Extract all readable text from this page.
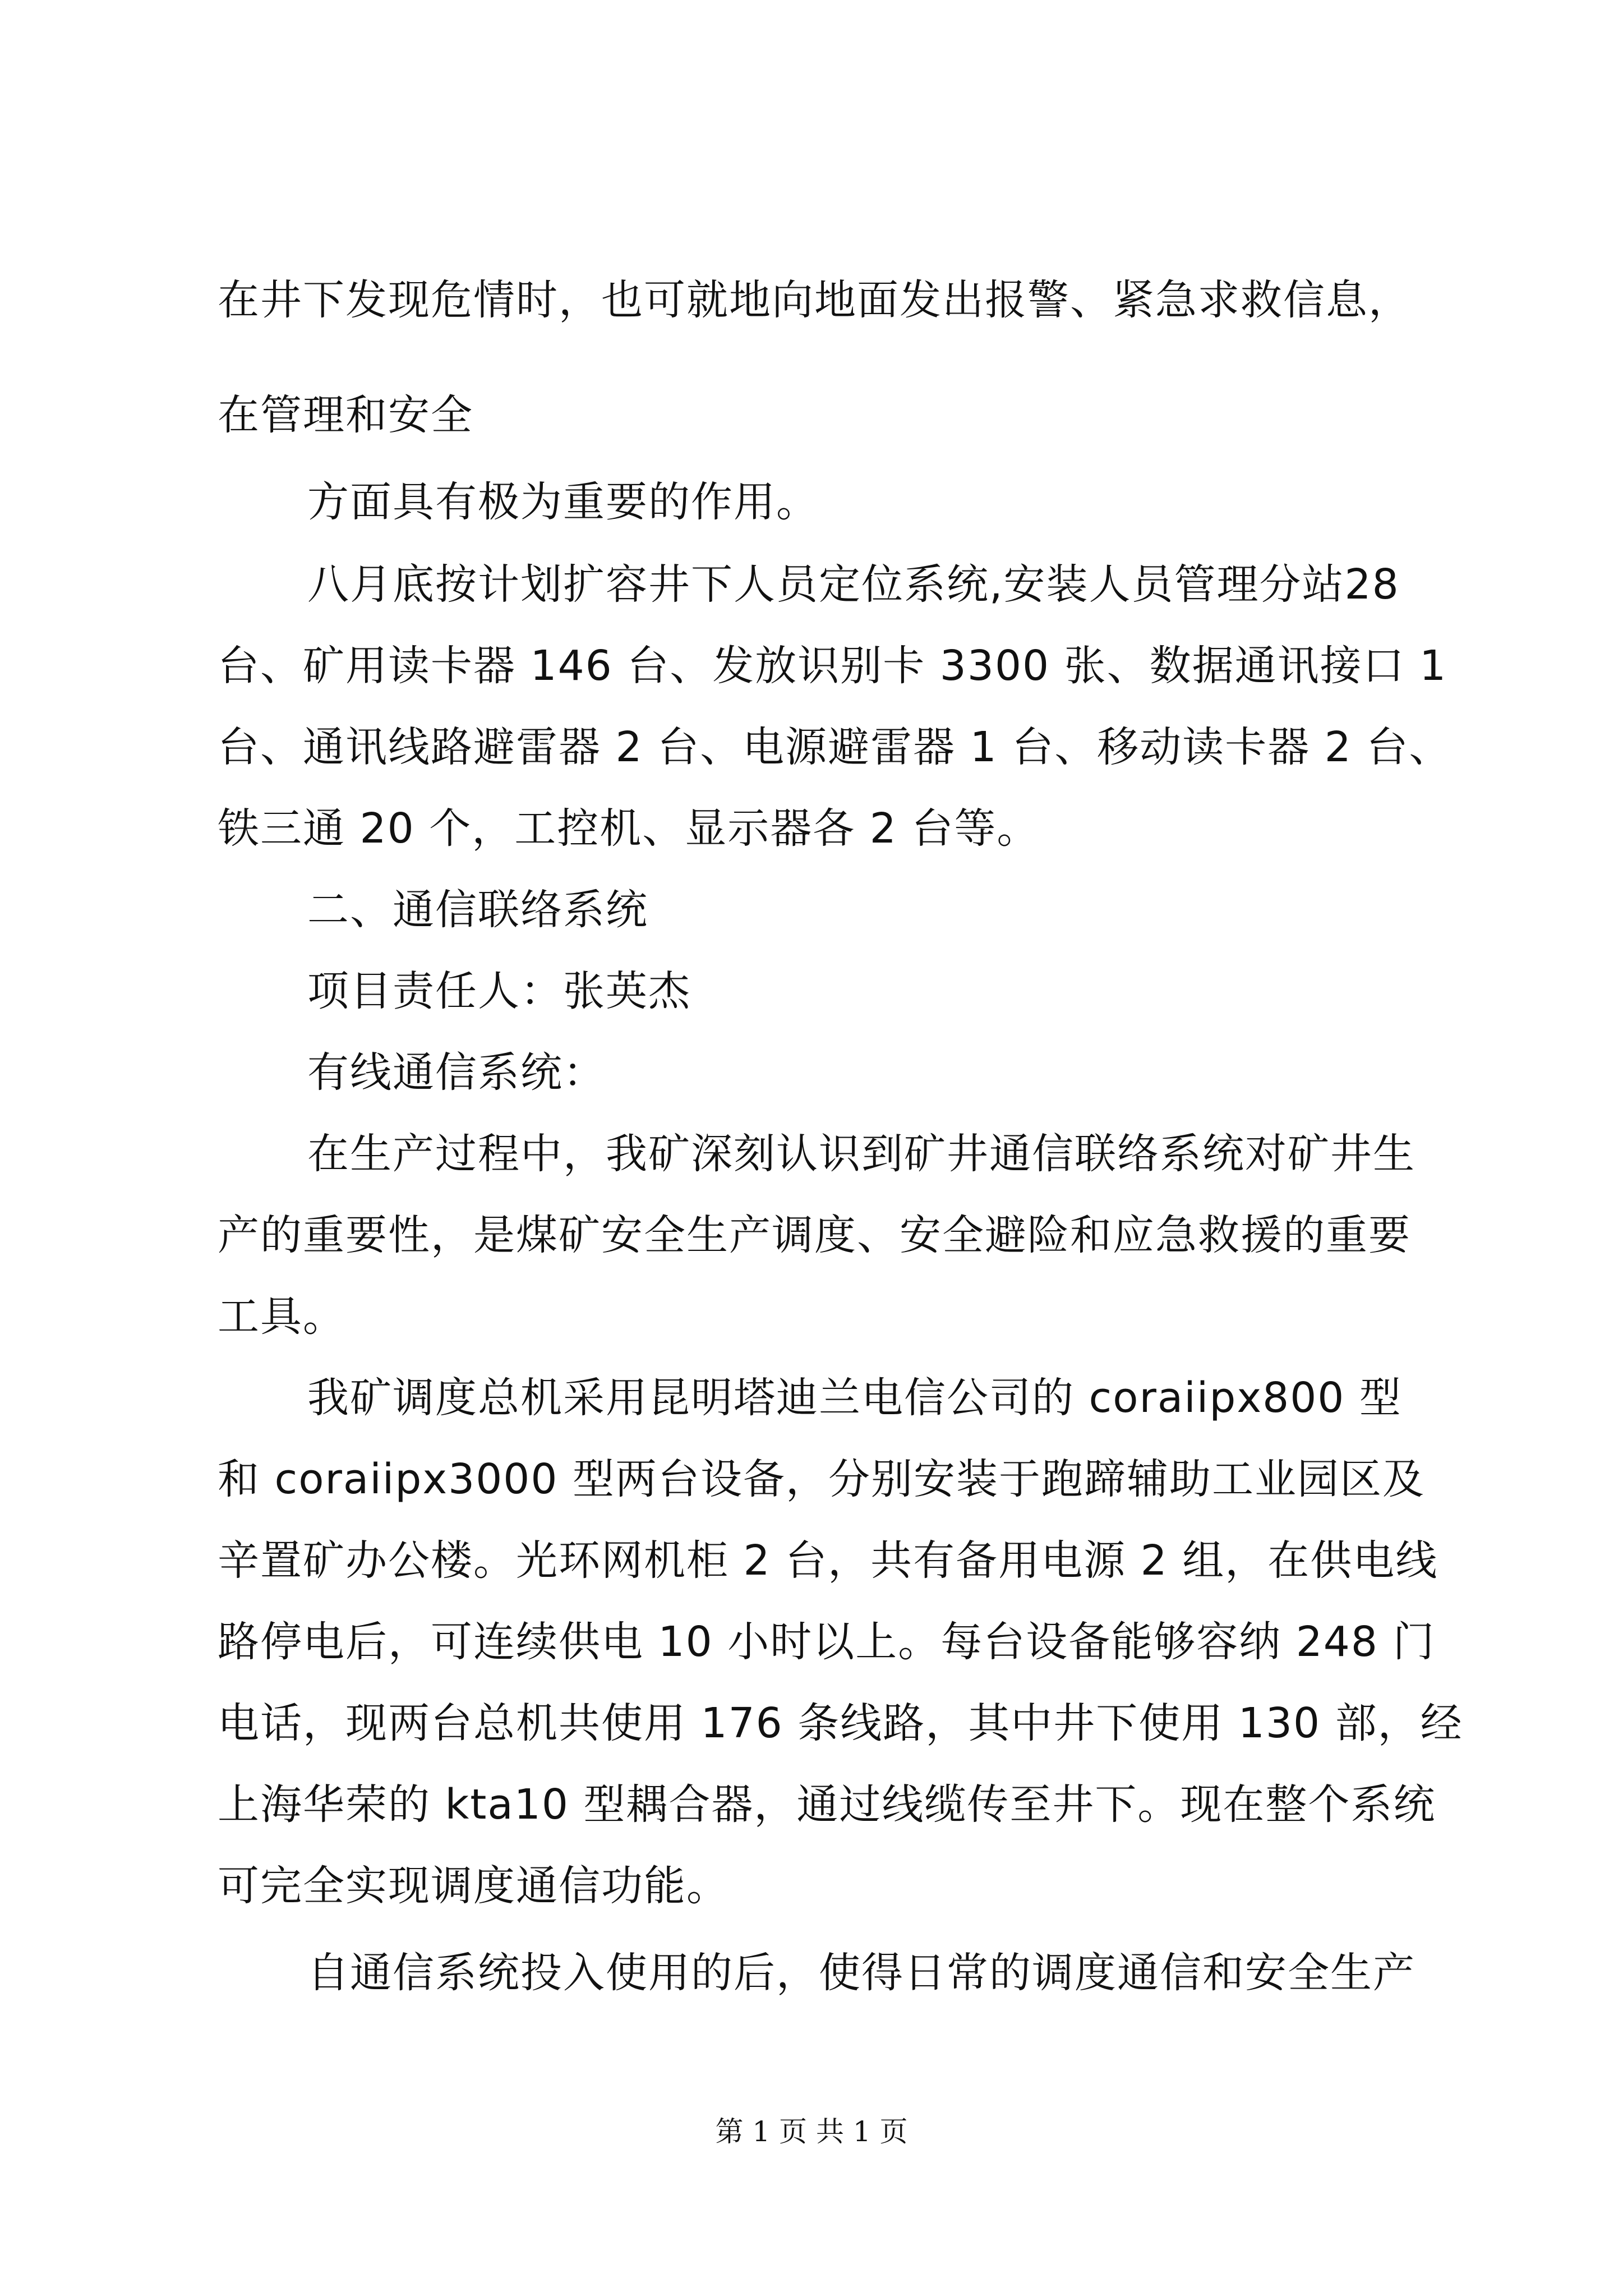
在井下发现危情时，也可就地向地面发出报警、紧急求救信息，
在管理和安全
方面具有极为重要的作用。
八月底按计划扩容井下人员定位系统,安装人员管理分站28
台、矿用读卡器 146 台、发放识别卡 3300 张、数据通讯接口 1
台、通讯线路避雷器 2 台、电源避雷器 1 台、移动读卡器 2 台、
铁三通 20 个，工控机、显示器各 2 台等。
二、通信联络系统
项目责任人：张英杰
有线通信系统：
在生产过程中，我矿深刻认识到矿井通信联络系统对矿井生
产的重要性，是煤矿安全生产调度、安全避险和应急救援的重要
工具。
我矿调度总机采用昆明塔迪兰电信公司的 coraiipx800 型
和 coraiipx3000 型两台设备，分别安装于跑蹄辅助工业园区及
辛置矿办公楼。光环网机柜 2 台，共有备用电源 2 组，在供电线
路停电后，可连续供电 10 小时以上。每台设备能够容纳 248 门
电话，现两台总机共使用 176 条线路，其中井下使用 130 部，经
上海华荣的 kta10 型耦合器，通过线缆传至井下。现在整个系统
可完全实现调度通信功能。
自通信系统投入使用的后，使得日常的调度通信和安全生产
第 1 页 共 1 页
